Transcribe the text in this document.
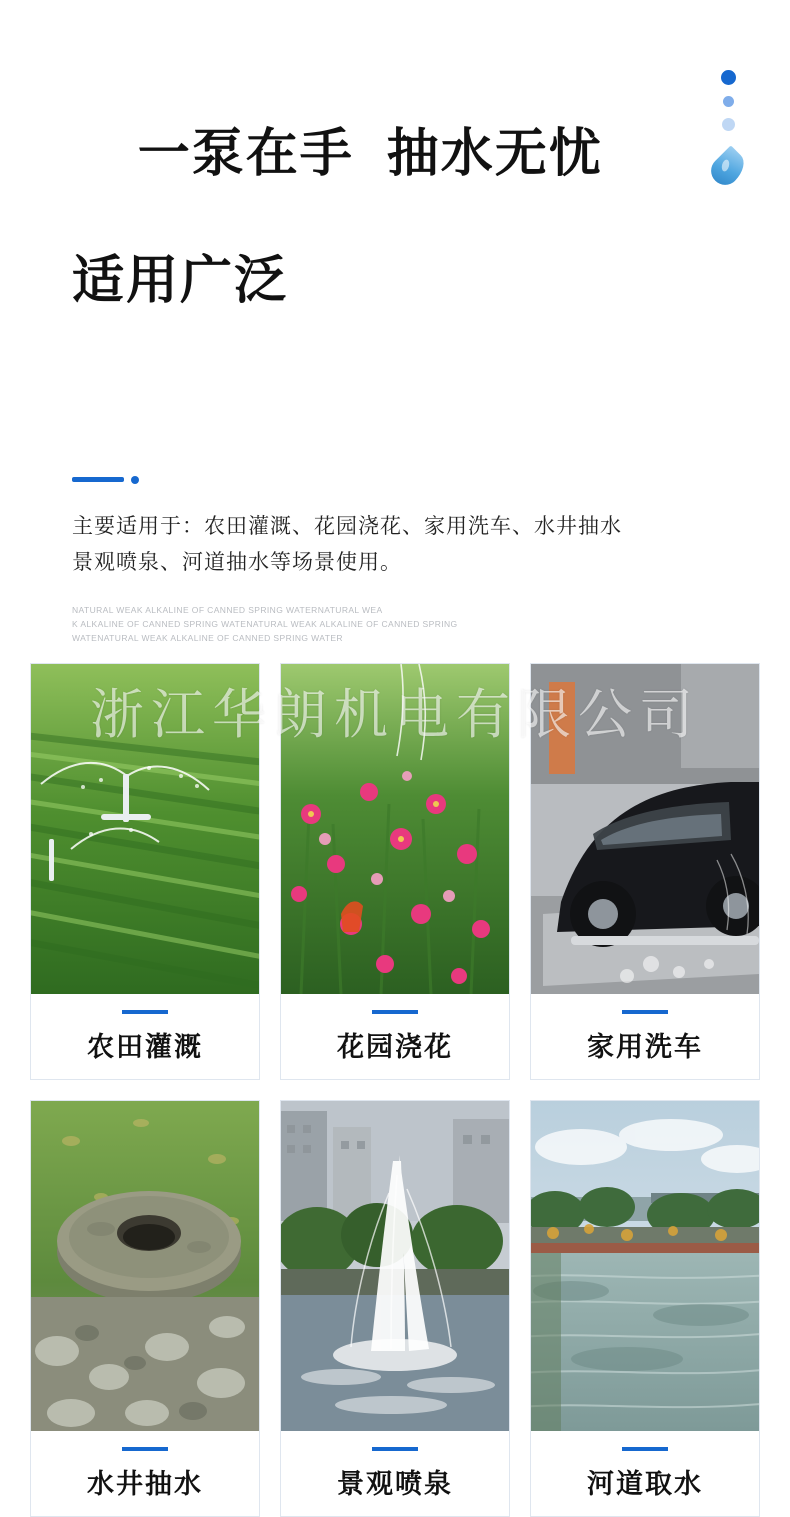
一泵在手  抽水无忧

适用广泛

主要适用于：农田灌溉、花园浇花、家用洗车、水井抽水
景观喷泉、河道抽水等场景使用。
NATURAL WEAK ALKALINE OF CANNED SPRING WATERNATURAL WEA
K ALKALINE OF CANNED SPRING WATENATURAL WEAK ALKALINE OF CANNED SPRING
WATENATURAL WEAK ALKALINE OF CANNED SPRING WATER
农田灌溉	花园浇花	家用洗车
水井抽水	景观喷泉	河道取水
浙江华朗机电有限公司
